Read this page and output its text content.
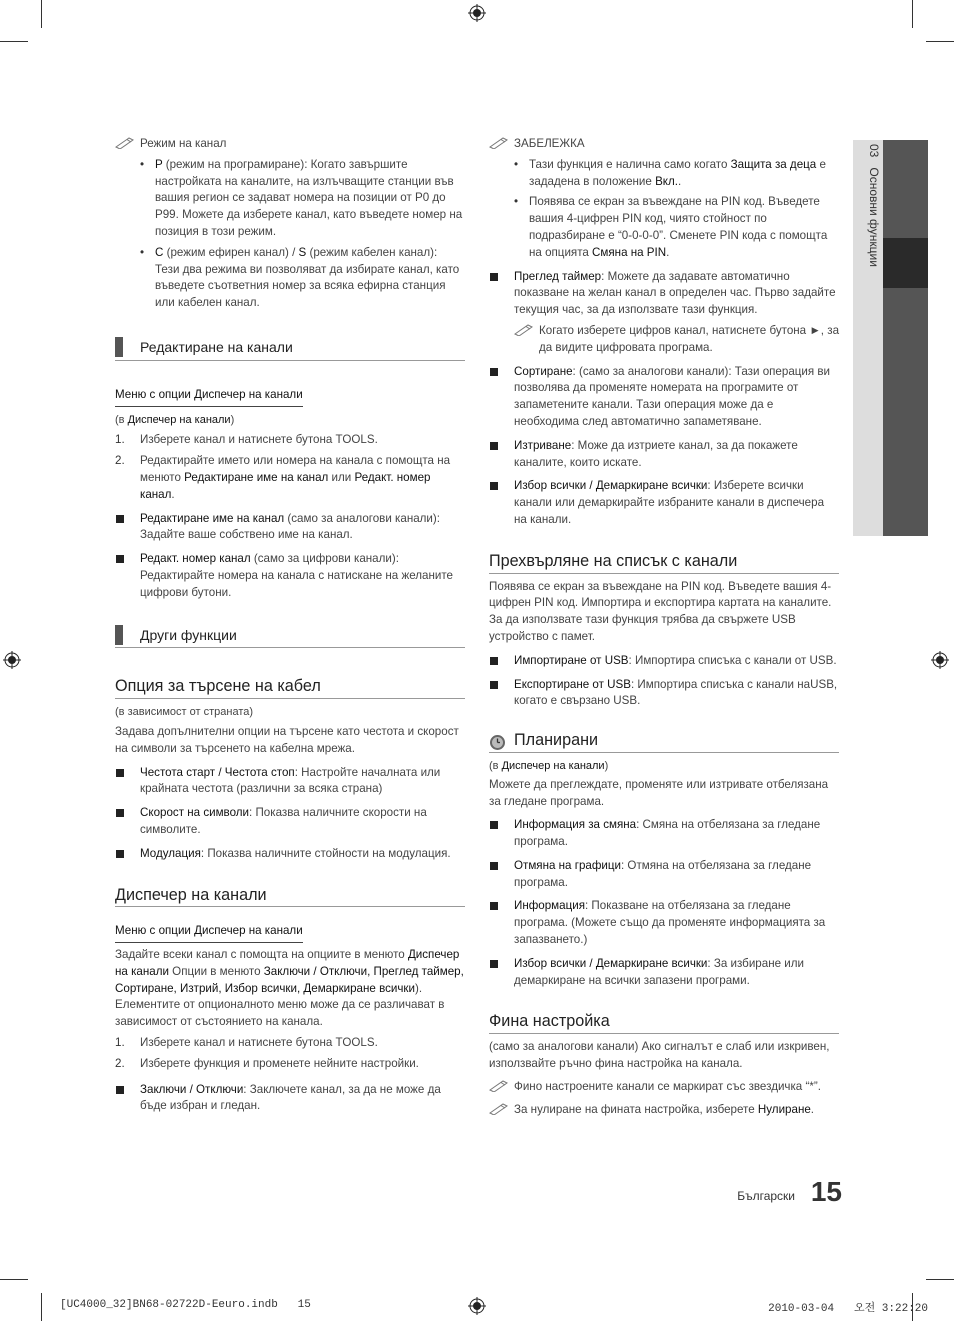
03   Основни функции
Режим на канал
• P (режим на програмиране): Когато завършите настройката на каналите, на излъчващите станции във вашия регион се задават номера на позиции от P0 до P99. Можете да изберете канал, като въведете номер на позиция в този режим.
• C (режим ефирен канал) / S (режим кабелен канал):
Тези два режима ви позволяват да избирате канал, като въведете съответния номер за всяка ефирна станция или кабелен канал.
Редактиране на канали
Меню с опции Диспечер на канали
(в Диспечер на канали)
1. Изберете канал и натиснете бутона TOOLS.
2. Редактирайте името или номера на канала с помощта на менюто Редактиране име на канал или Редакт. номер канал.
Редактиране име на канал (само за аналогови канали): Задайте ваше собствено име на канал.
Редакт. номер канал (само за цифрови канали): Редактирайте номера на канала с натискане на желаните цифрови бутони.
Други функции
Опция за търсене на кабел
(в зависимост от страната)
Задава допълнителни опции на търсене като честота и скорост на символи за търсенето на кабелна мрежа.
Честота старт / Честота стоп: Настройте началната или крайната честота (различни за всяка страна)
Скорост на символи: Показва наличните скорости на символите.
Модулация: Показва наличните стойности на модулация.
Диспечер на канали
Меню с опции Диспечер на канали
Задайте всеки канал с помощта на опциите в менюто Диспечер на канали Опции в менюто Заключи / Отключи, Преглед таймер, Сортиране, Изтрий, Избор всички, Демаркиране всички). Елементите от опционалното меню може да се различават в зависимост от състоянието на канала.
1. Изберете канал и натиснете бутона TOOLS.
2. Изберете функция и променете нейните настройки.
Заключи / Отключи: Заключете канал, за да не може да бъде избран и гледан.
ЗАБЕЛЕЖКА
• Тази функция е налична само когато Защита за деца е зададена в положение Вкл..
• Появява се екран за въвеждане на PIN код. Въведете вашия 4-цифрен PIN код, чиято стойност по подразбиране е “0-0-0-0”. Сменете PIN кода с помощта на опцията Смяна на PIN.
Преглед таймер: Можете да задавате автоматично показване на желан канал в определен час. Първо задайте текущия час, за да използвате тази функция.
Когато изберете цифров канал, натиснете бутона ►, за да видите цифровата програма.
Сортиране: (само за аналогови канали): Тази операция ви позволява да променяте номерата на програмите от запаметените канали. Тази операция може да е необходима след автоматично запаметяване.
Изтриване: Може да изтриете канал, за да покажете каналите, които искате.
Избор всички / Демаркиране всички: Изберете всички канали или демаркирайте избраните канали в диспечера на канали.
Прехвърляне на списък с канали
Появява се екран за въвеждане на PIN код. Въведете вашия 4-цифрен PIN код. Импортира и експортира картата на каналите. За да използвате тази функция трябва да свържете USB устройство с памет.
Импортиране от USB: Импортира списъка с канали от USB.
Експортиране от USB: Импортира списъка с канали наUSB, когато е свързано USB.
Планирани
(в Диспечер на канали)
Можете да преглеждате, променяте или изтривате отбелязана за гледане програма.
Информация за смяна: Смяна на отбелязана за гледане програма.
Отмяна на графици: Отмяна на отбелязана за гледане програма.
Информация: Показване на отбелязана за гледане програма. (Можете също да променяте информацията за запазването.)
Избор всички / Демаркиране всички: За избиране или демаркиране на всички запазени програми.
Фина настройка
(само за аналогови канали) Ако сигналът е слаб или изкривен, използвайте ръчно фина настройка на канала.
Фино настроените канали се маркират със звездичка “*”.
За нулиране на фината настройка, изберете Нулиране.
Български 15
[UC4000_32]BN68-02722D-Eeuro.indb   15	2010-03-04   오전 3:22:20
